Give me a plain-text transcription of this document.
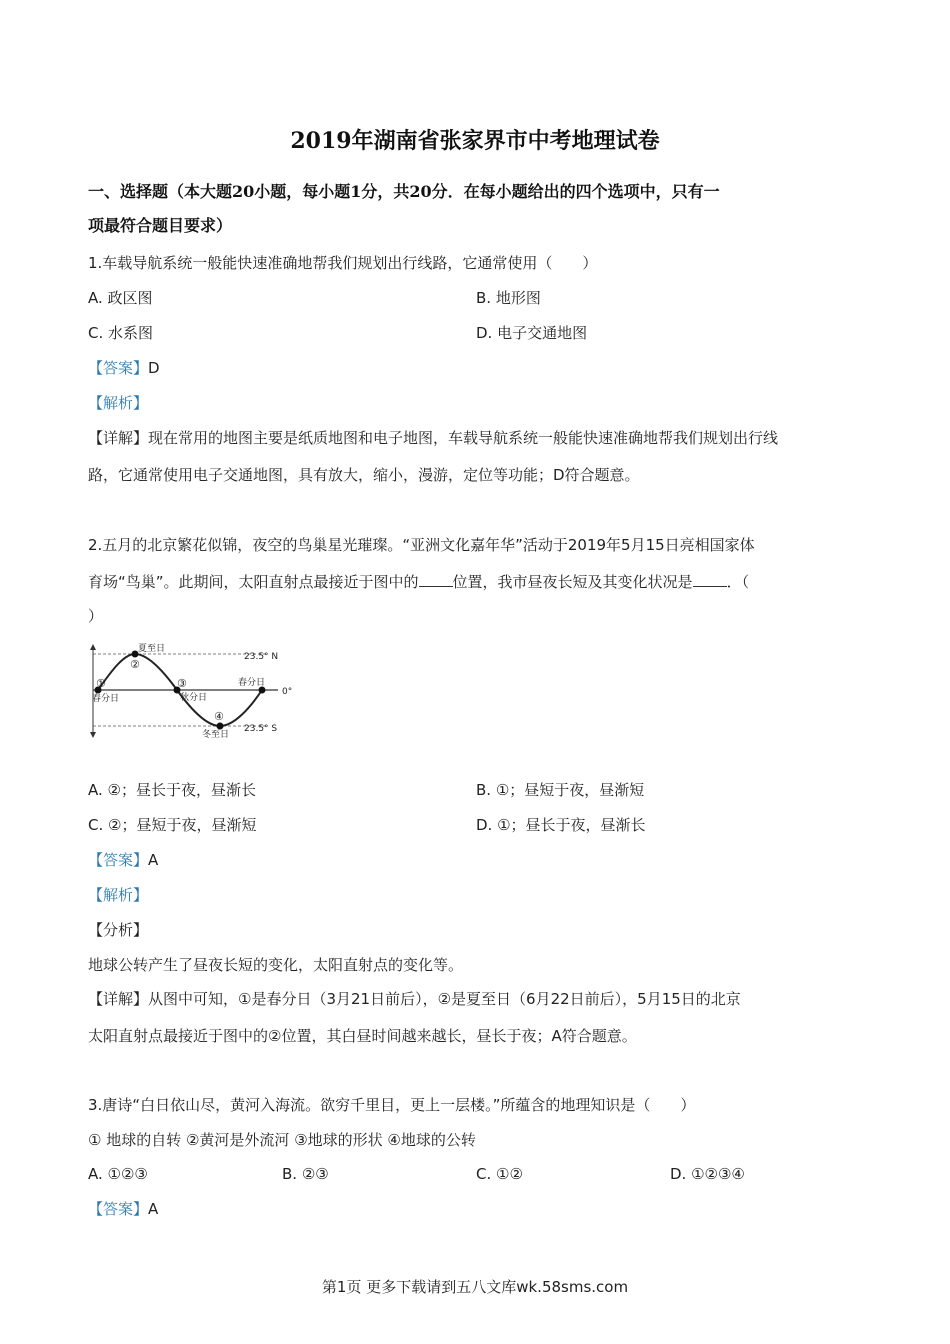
2019年湖南省张家界市中考地理试卷
一、选择题（本大题20小题，每小题1分，共20分．在每小题给出的四个选项中，只有一
项最符合题目要求）
1.车载导航系统一般能快速准确地帮我们规划出行线路，它通常使用（　　）
A. 政区图	B. 地形图
C. 水系图	D. 电子交通地图
【答案】D
【解析】
【详解】现在常用的地图主要是纸质地图和电子地图，车载导航系统一般能快速准确地帮我们规划出行线
路，它通常使用电子交通地图，具有放大，缩小，漫游，定位等功能；D符合题意。
2.五月的北京繁花似锦，夜空的鸟巢星光璀璨。“亚洲文化嘉年华”活动于2019年5月15日亮相国家体
育场“鸟巢”。此期间，太阳直射点最接近于图中的 位置，我市昼夜长短及其变化状况是 ．（
）
夏至日
②
①
春分日
③
秋分日
春分日
④
冬至日
23.5° N
0°
23.5° S
A. ②；昼长于夜，昼渐长	B. ①；昼短于夜，昼渐短
C. ②；昼短于夜，昼渐短	D. ①；昼长于夜，昼渐长
【答案】A
【解析】
【分析】
地球公转产生了昼夜长短的变化，太阳直射点的变化等。
【详解】从图中可知，①是春分日（3月21日前后），②是夏至日（6月22日前后），5月15日的北京
太阳直射点最接近于图中的②位置，其白昼时间越来越长，昼长于夜；A符合题意。
3.唐诗“白日依山尽，黄河入海流。欲穷千里目，更上一层楼。”所蕴含的地理知识是（　　）
① 地球的自转 ②黄河是外流河 ③地球的形状 ④地球的公转
A. ①②③	B. ②③	C. ①②	D. ①②③④
【答案】A
第1页 更多下载请到五八文库wk.58sms.com
